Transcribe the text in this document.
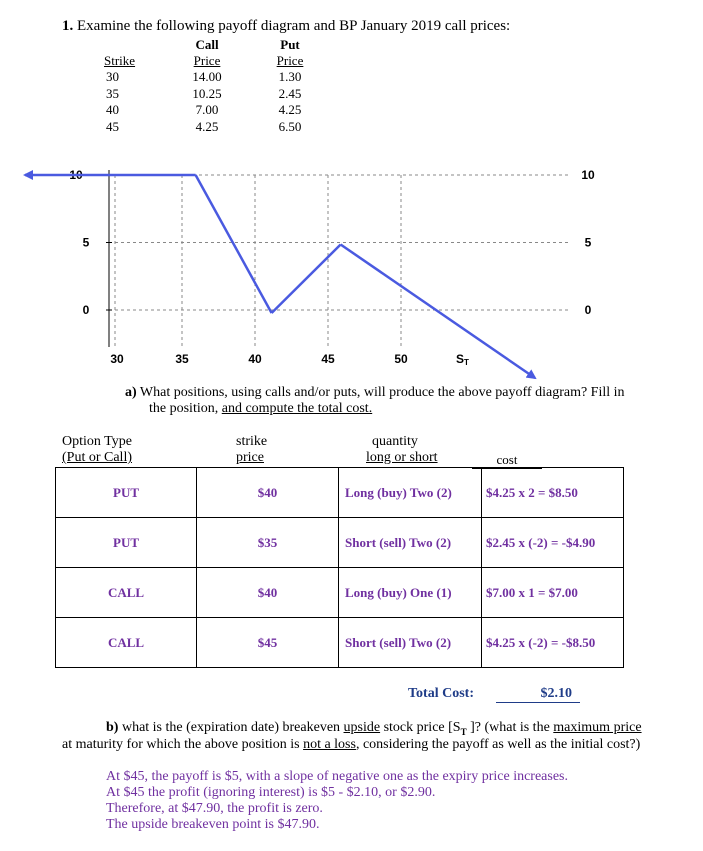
1. Examine the following payoff diagram and BP January 2019 call prices:
Call	Put
Strike	Price	Price
30	14.00	1.30
35	10.25	2.45
40	7.00	4.25
45	4.25	6.50
10
5
0
10
5
0
30	35	40	45	50	ST
a) What positions, using calls and/or puts, will produce the above payoff diagram? Fill in
the position, and compute the total cost.
Option Type
(Put or Call)
strike
price
quantity
long or short	cost
PUT	$40	Long (buy) Two (2)	$4.25 x 2 = $8.50
PUT	$35	Short (sell) Two (2)	$2.45 x (-2) = -$4.90
CALL	$40	Long (buy) One (1)	$7.00 x 1 = $7.00
CALL	$45	Short (sell) Two (2)	$4.25 x (-2) = -$8.50
Total Cost:	$2.10
b) what is the (expiration date) breakeven upside stock price [$S_T$ ]? (what is the maximum price
at maturity for which the above position is not a loss, considering the payoff as well as the initial cost?)
At $45, the payoff is $5, with a slope of negative one as the expiry price increases.
At $45 the profit (ignoring interest) is $5 - $2.10, or $2.90.
Therefore, at $47.90, the profit is zero.
The upside breakeven point is $47.90.
